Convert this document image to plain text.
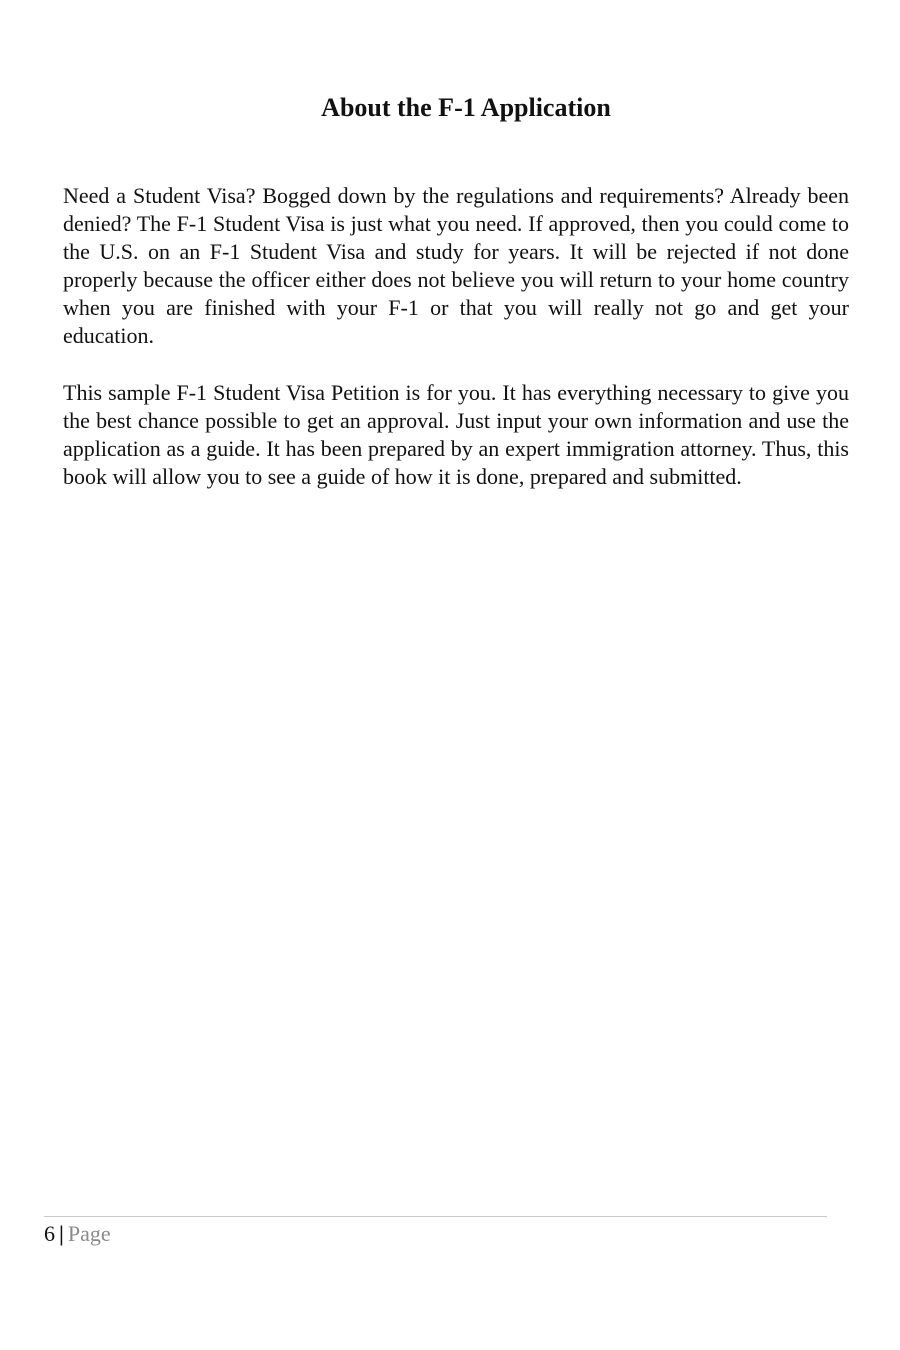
About the F-1 Application

Need a Student Visa? Bogged down by the regulations and requirements? Already been denied? The F-1 Student Visa is just what you need. If approved, then you could come to the U.S. on an F-1 Student Visa and study for years. It will be rejected if not done properly because the officer either does not believe you will return to your home country when you are finished with your F-1 or that you will really not go and get your education.

This sample F-1 Student Visa Petition is for you. It has everything necessary to give you the best chance possible to get an approval. Just input your own information and use the application as a guide. It has been prepared by an expert immigration attorney. Thus, this book will allow you to see a guide of how it is done, prepared and submitted.

6 | Page
